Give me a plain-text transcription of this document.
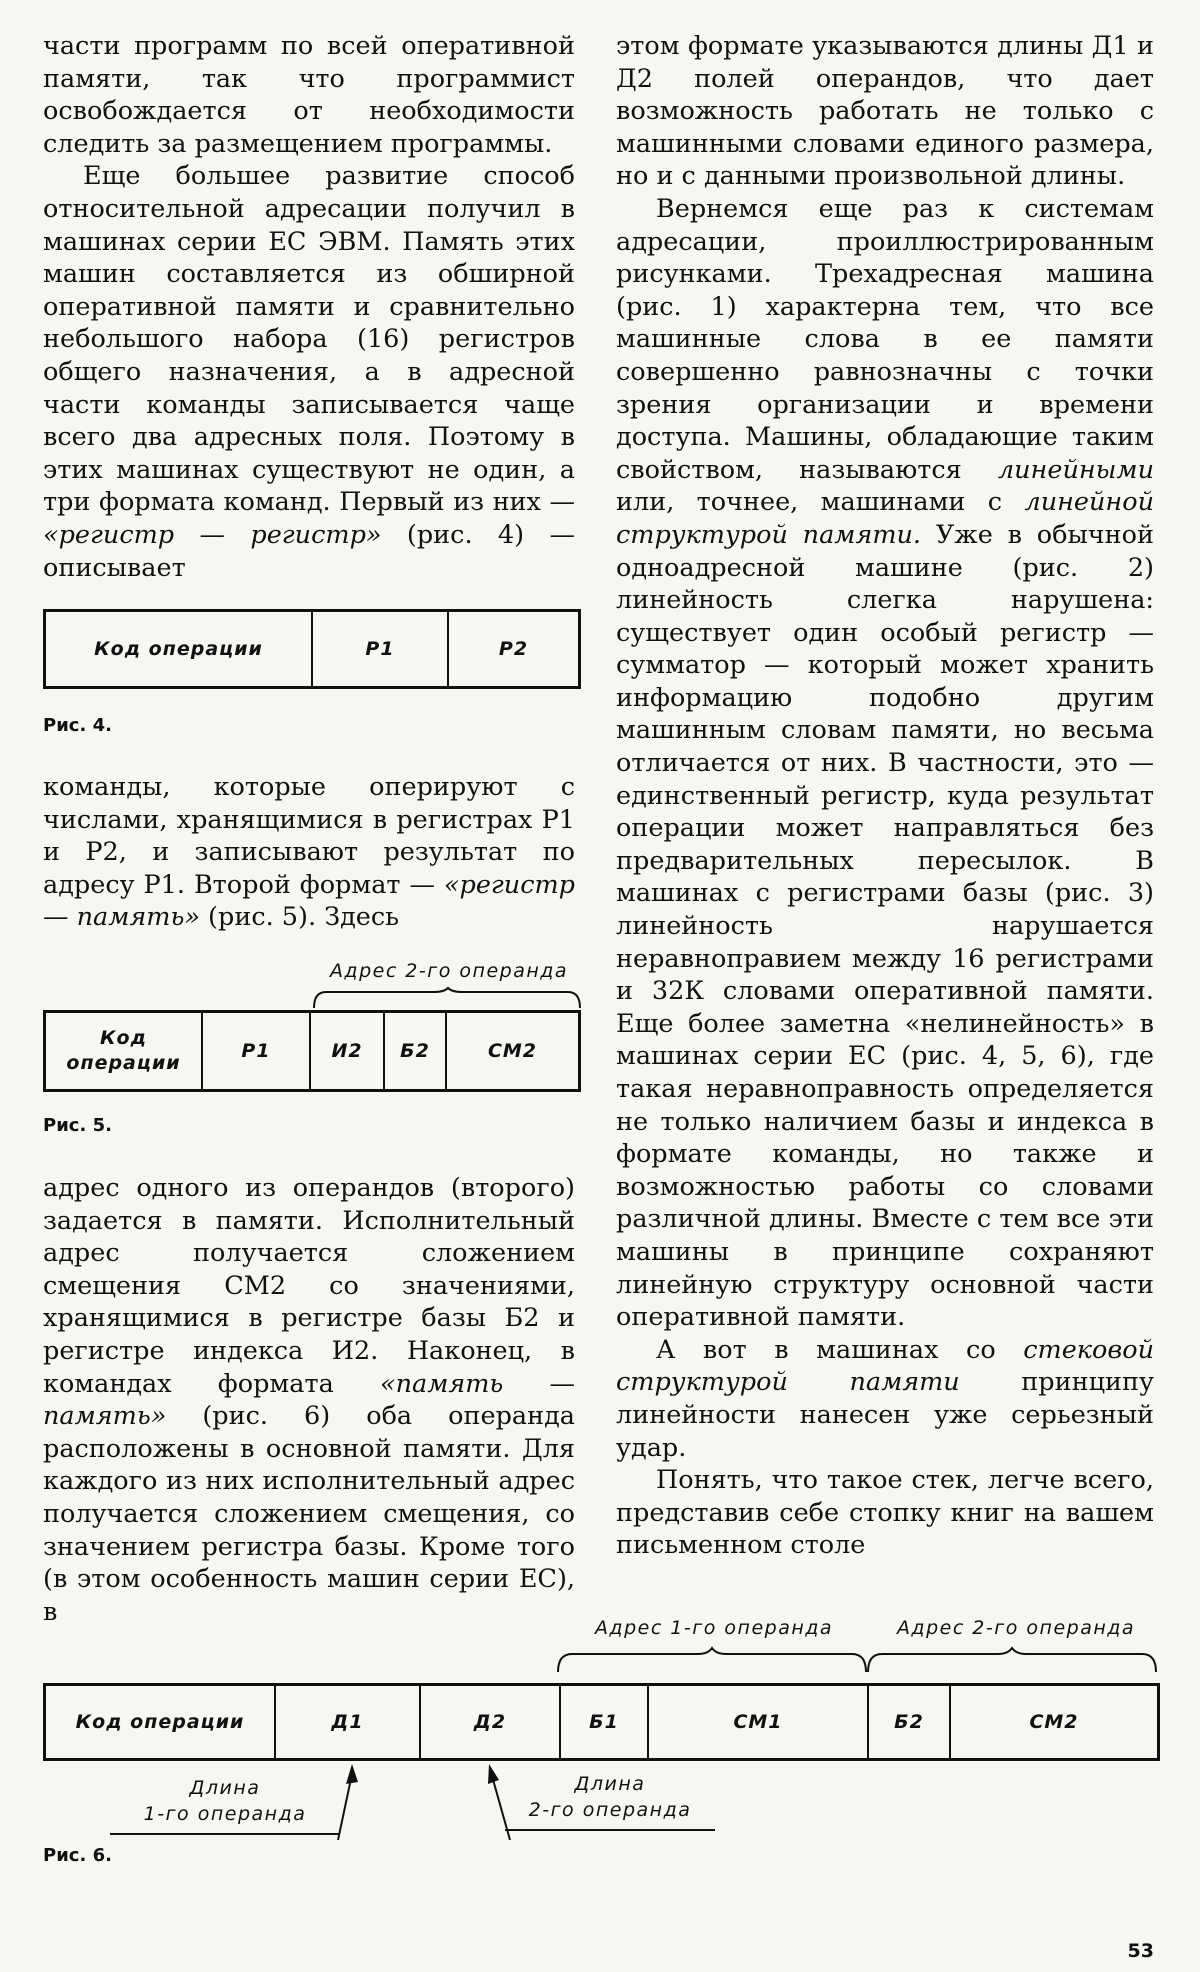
части программ по всей оперативной памяти, так что программист освобождается от необходимости следить за размещением программы.

Еще большее развитие способ относительной адресации получил в машинах серии ЕС ЭВМ. Память этих машин составляется из обширной оперативной памяти и сравнительно небольшого набора (16) регистров общего назначения, а в адресной части команды записывается чаще всего два адресных поля. Поэтому в этих машинах существуют не один, а три формата команд. Первый из них — «регистр — регистр» (рис. 4) — описывает

Код операции	Р1	Р2
Рис. 4.

команды, которые оперируют с числами, хранящимися в регистрах Р1 и Р2, и записывают результат по адресу Р1. Второй формат — «регистр — память» (рис. 5). Здесь

Адрес 2-го операнда
Код операции	Р1	И2	Б2	СМ2
Рис. 5.

адрес одного из операндов (второго) задается в памяти. Исполнительный адрес получается сложением смещения СМ2 со значениями, хранящимися в регистре базы Б2 и регистре индекса И2. Наконец, в командах формата «память — память» (рис. 6) оба операнда расположены в основной памяти. Для каждого из них исполнительный адрес получается сложением смещения, со значением регистра базы. Кроме того (в этом особенность машин серии ЕС), в

этом формате указываются длины Д1 и Д2 полей операндов, что дает возможность работать не только с машинными словами единого размера, но и с данными произвольной длины.

Вернемся еще раз к системам адресации, проиллюстрированным рисунками. Трехадресная машина (рис. 1) характерна тем, что все машинные слова в ее памяти совершенно равнозначны с точки зрения организации и времени доступа. Машины, обладающие таким свойством, называются линейными или, точнее, машинами с линейной структурой памяти. Уже в обычной одноадресной машине (рис. 2) линейность слегка нарушена: существует один особый регистр — сумматор — который может хранить информацию подобно другим машинным словам памяти, но весьма отличается от них. В частности, это — единственный регистр, куда результат операции может направляться без предварительных пересылок. В машинах с регистрами базы (рис. 3) линейность нарушается неравноправием между 16 регистрами и 32К словами оперативной памяти. Еще более заметна «нелинейность» в машинах серии ЕС (рис. 4, 5, 6), где такая неравноправность определяется не только наличием базы и индекса в формате команды, но также и возможностью работы со словами различной длины. Вместе с тем все эти машины в принципе сохраняют линейную структуру основной части оперативной памяти.

А вот в машинах со стековой структурой памяти принципу линейности нанесен уже серьезный удар.

Понять, что такое стек, легче всего, представив себе стопку книг на вашем письменном столе

Адрес 1-го операнда	Адрес 2-го операнда
Код операции	Д1	Д2	Б1	СМ1	Б2	СМ2
Длина
1-го операнда
Длина
2-го операнда
Рис. 6.
53
